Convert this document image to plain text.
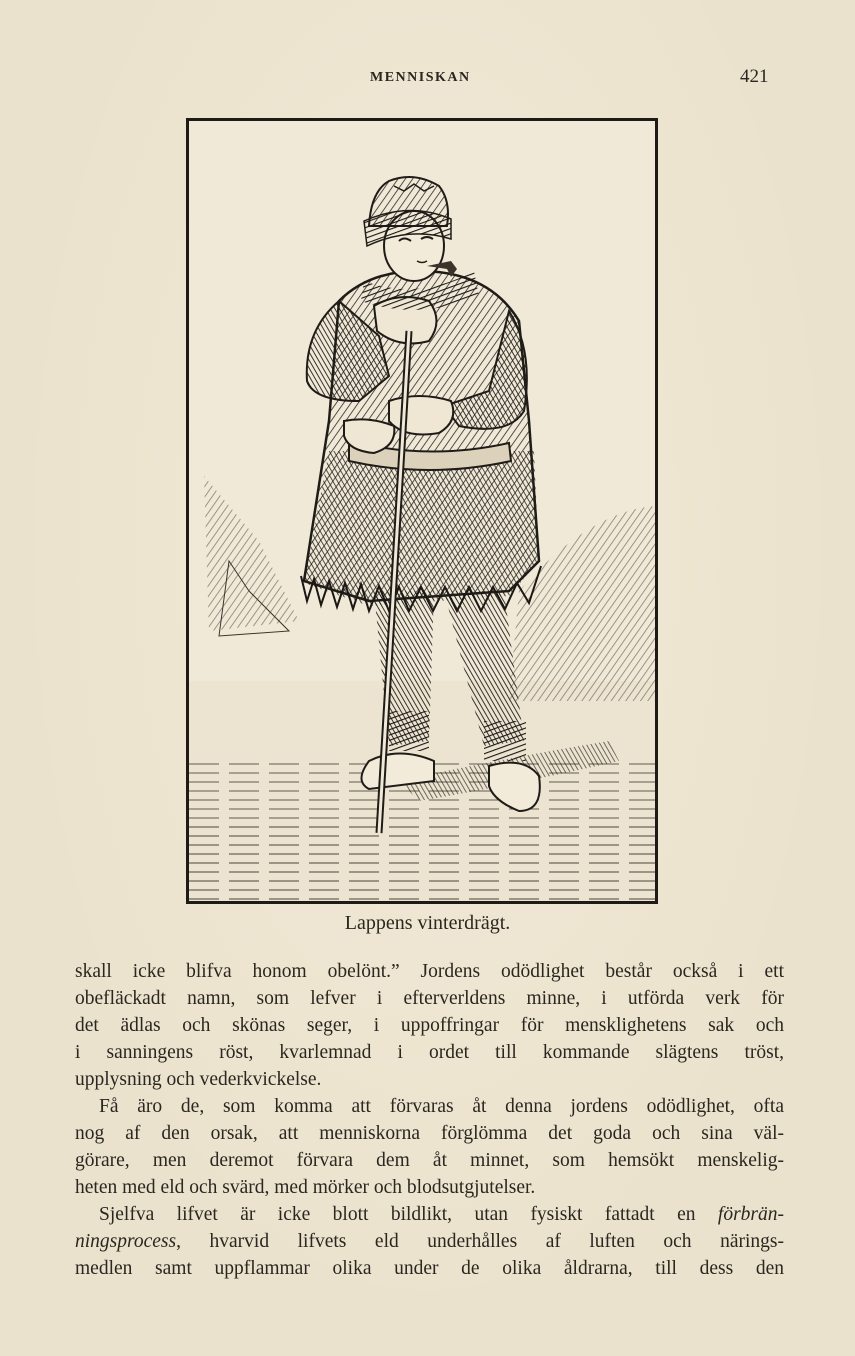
MENNISKAN	421
Lappens vinterdrägt.
skall icke blifva honom obelönt.” Jordens odödlighet består också i ett
obefläckadt namn, som lefver i efterverldens minne, i utförda verk för
det ädlas och skönas seger, i uppoffringar för mensklighetens sak och
i sanningens röst, kvarlemnad i ordet till kommande slägtens tröst,
upplysning och vederkvickelse.
Få äro de, som komma att förvaras åt denna jordens odödlighet, ofta
nog af den orsak, att menniskorna förglömma det goda och sina väl-
görare, men deremot förvara dem åt minnet, som hemsökt menskelig-
heten med eld och svärd, med mörker och blodsutgjutelser.
Sjelfva lifvet är icke blott bildlikt, utan fysiskt fattadt en förbrän-
ningsprocess, hvarvid lifvets eld underhålles af luften och närings-
medlen samt uppflammar olika under de olika åldrarna, till dess den
